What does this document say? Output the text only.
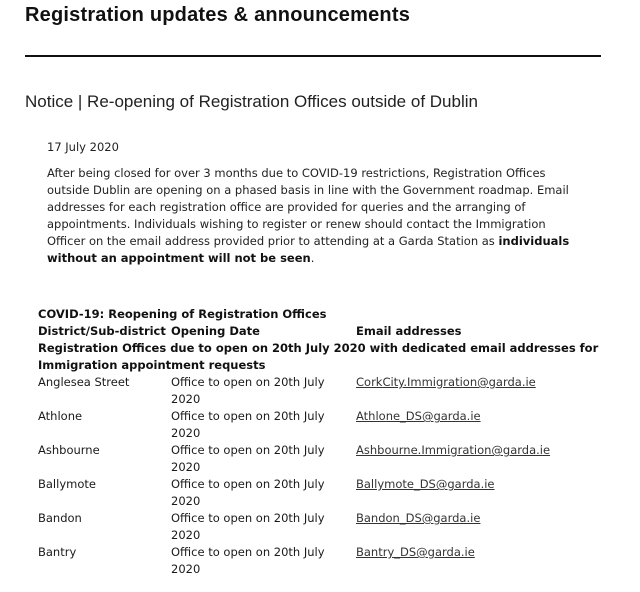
Registration updates & announcements
Notice | Re-opening of Registration Offices outside of Dublin
17 July 2020
After being closed for over 3 months due to COVID-19 restrictions, Registration Offices outside Dublin are opening on a phased basis in line with the Government roadmap. Email addresses for each registration office are provided for queries and the arranging of appointments. Individuals wishing to register or renew should contact the Immigration Officer on the email address provided prior to attending at a Garda Station as individuals without an appointment will not be seen.
COVID-19: Reopening of Registration Offices
District/Sub-district	Opening Date	Email addresses
Registration Offices due to open on 20th July 2020 with dedicated email addresses for Immigration appointment requests		
Anglesea Street	Office to open on 20th July 2020	CorkCity.Immigration@garda.ie
Athlone	Office to open on 20th July 2020	Athlone_DS@garda.ie
Ashbourne	Office to open on 20th July 2020	Ashbourne.Immigration@garda.ie
Ballymote	Office to open on 20th July 2020	Ballymote_DS@garda.ie
Bandon	Office to open on 20th July 2020	Bandon_DS@garda.ie
Bantry	Office to open on 20th July 2020	Bantry_DS@garda.ie
